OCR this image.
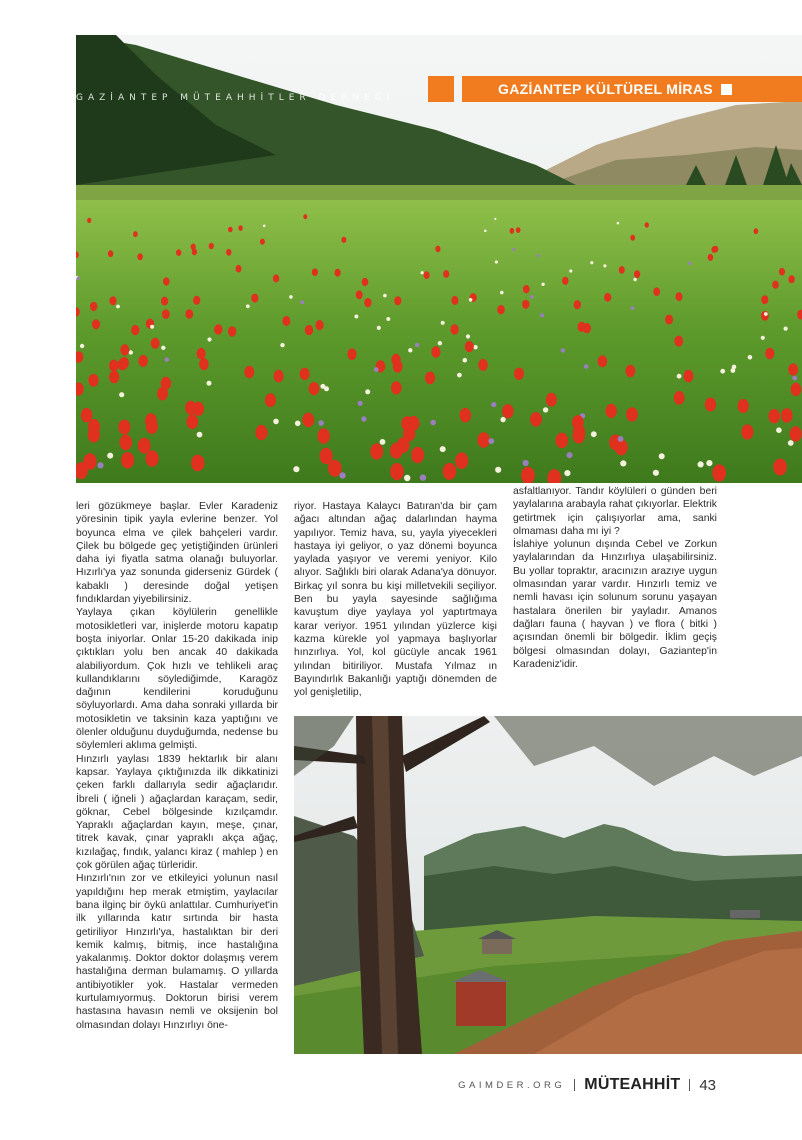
GAZİANTEP MÜTEAHHİTLER DERNEĞİ
GAZİANTEP KÜLTÜREL MİRAS

leri gözükmeye başlar. Evler Karadeniz yöresinin tipik yayla evlerine benzer. Yol boyunca elma ve çilek bahçeleri vardır. Çilek bu bölgede geç yetiştiğinden ürünleri daha iyi fiyatla satma olanağı buluyorlar. Hızırlı'ya yaz sonunda giderseniz Gürdek ( kabaklı ) deresinde doğal yetişen fındıklardan yiyebilirsiniz.

Yaylaya çıkan köylülerin genellikle motosikletleri var, inişlerde motoru kapatıp boşta iniyorlar. Onlar 15-20 dakikada inip çıktıkları yolu ben ancak 40 dakikada alabiliyordum. Çok hızlı ve tehlikeli araç kullandıklarını söylediğimde, Karagöz dağının kendilerini koruduğunu söyluyorlardı. Ama daha sonraki yıllarda bir motosikletin ve taksinin kaza yaptığını ve ölenler olduğunu duyduğumda, nedense bu söylemleri aklıma gelmişti.

Hınzırlı yaylası 1839 hektarlık bir alanı kapsar. Yaylaya çıktığınızda ilk dikkatinizi çeken farklı dallarıyla sedir ağaçlarıdır. İbreli ( iğneli ) ağaçlardan karaçam, sedir, göknar, Cebel bölgesinde kızılçamdır. Yapraklı ağaçlardan kayın, meşe, çınar, titrek kavak, çınar yapraklı akça ağaç, kızılağaç, fındık, yalancı kiraz ( mahlep ) en çok görülen ağaç türleridir.

Hınzırlı'nın zor ve etkileyici yolunun nasıl yapıldığını hep merak etmiştim, yaylacılar bana ilginç bir öykü anlattılar. Cumhuriyet'in ilk yıllarında katır sırtında bir hasta getiriliyor Hınzırlı'ya, hastalıktan bir deri kemik kalmış, bitmiş, ince hastalığına yakalanmış. Doktor doktor dolaşmış verem hastalığına derman bulamamış. O yıllarda antibiyotikler yok. Hastalar vermeden kurtulamıyormuş. Doktorun birisi verem hastasına havasın nemli ve oksijenin bol olmasından dolayı Hınzırlıyı öne-

riyor. Hastaya Kalaycı Batıran'da bir çam ağacı altından ağaç dalarlından hayma yapılıyor. Temiz hava, su, yayla yiyecekleri hastaya iyi geliyor, o yaz dönemi boyunca yaylada yaşıyor ve veremi yeniyor. Kilo alıyor. Sağlıklı biri olarak Adana'ya dönuyor. Birkaç yıl sonra bu kişi milletvekili seçiliyor. Ben bu yayla sayesinde sağlığıma kavuştum diye yaylaya yol yaptırtmaya karar veriyor. 1951 yılından yüzlerce kişi kazma kürekle yol yapmaya başlıyorlar hınzırlıya. Yol, kol gücüyle ancak 1961 yılından bitiriliyor. Mustafa Yılmaz ın Bayındırlık Bakanlığı yaptığı dönemden de yol genişletilip,

asfaltlanıyor. Tandır köylüleri o günden beri yaylalarına arabayla rahat çıkıyorlar. Elektrik getirtmek için çalışıyorlar ama, sanki olmaması daha mı iyi ?

İslahiye yolunun dışında Cebel ve Zorkun yaylalarından da Hınzırlıya ulaşabilirsiniz. Bu yollar topraktır, aracınızın arazıye uygun olmasından yarar vardır. Hınzırlı temiz ve nemli havası için solunum sorunu yaşayan hastalara önerilen bir yayladır. Amanos dağları fauna ( hayvan ) ve flora ( bitki ) açısından önemli bir bölgedir. İklim geçiş bölgesi olmasından dolayı, Gaziantep'in Karadeniz'idir.

GAIMDER.ORG MÜTEAHHİT 43
